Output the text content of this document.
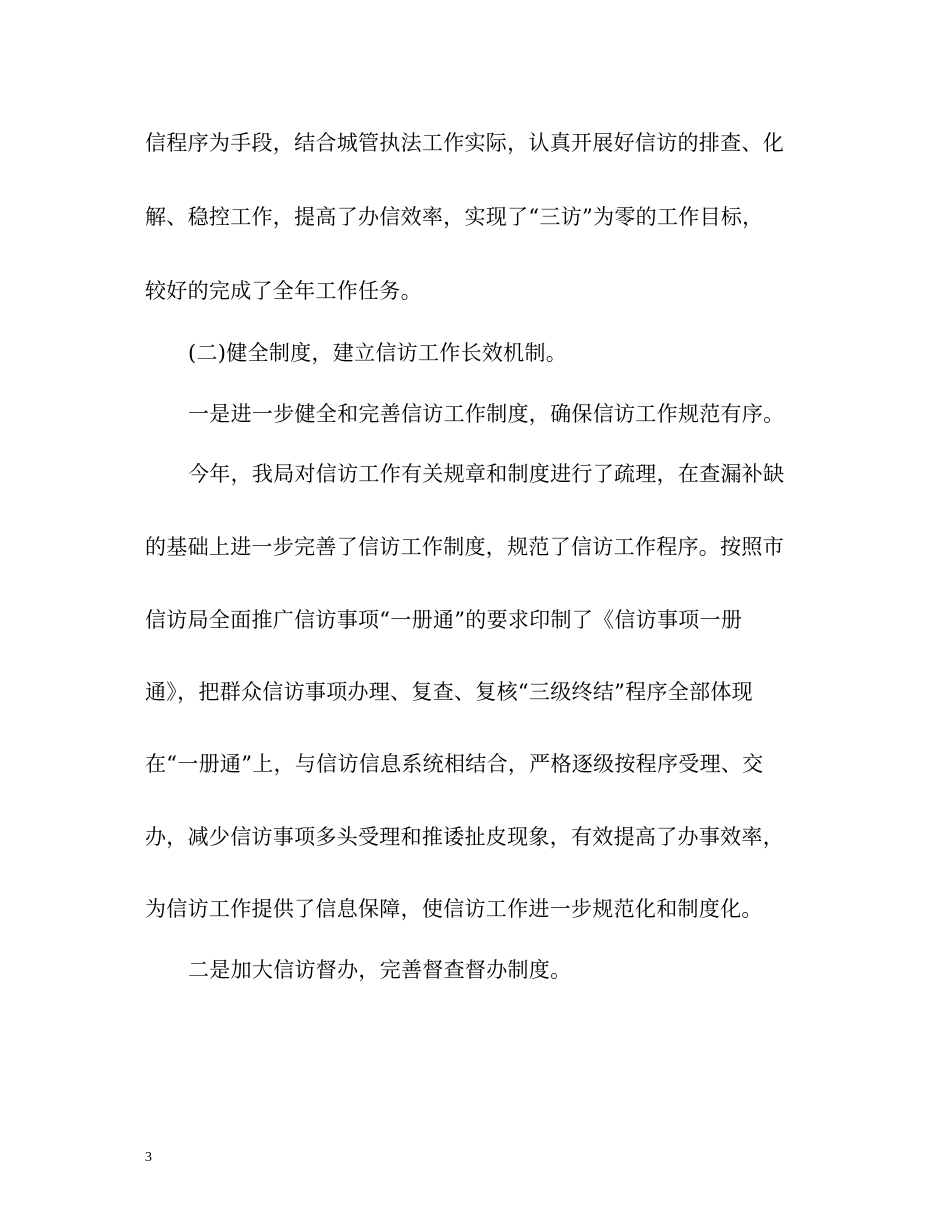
信程序为手段，结合城管执法工作实际，认真开展好信访的排查、化
解、稳控工作，提高了办信效率，实现了“三访”为零的工作目标，
较好的完成了全年工作任务。
(二)健全制度，建立信访工作长效机制。
一是进一步健全和完善信访工作制度，确保信访工作规范有序。
今年，我局对信访工作有关规章和制度进行了疏理，在查漏补缺
的基础上进一步完善了信访工作制度，规范了信访工作程序。按照市
信访局全面推广信访事项“一册通”的要求印制了《信访事项一册
通》，把群众信访事项办理、复查、复核“三级终结”程序全部体现
在“一册通”上，与信访信息系统相结合，严格逐级按程序受理、交
办，减少信访事项多头受理和推诿扯皮现象，有效提高了办事效率，
为信访工作提供了信息保障，使信访工作进一步规范化和制度化。
二是加大信访督办，完善督查督办制度。
3
